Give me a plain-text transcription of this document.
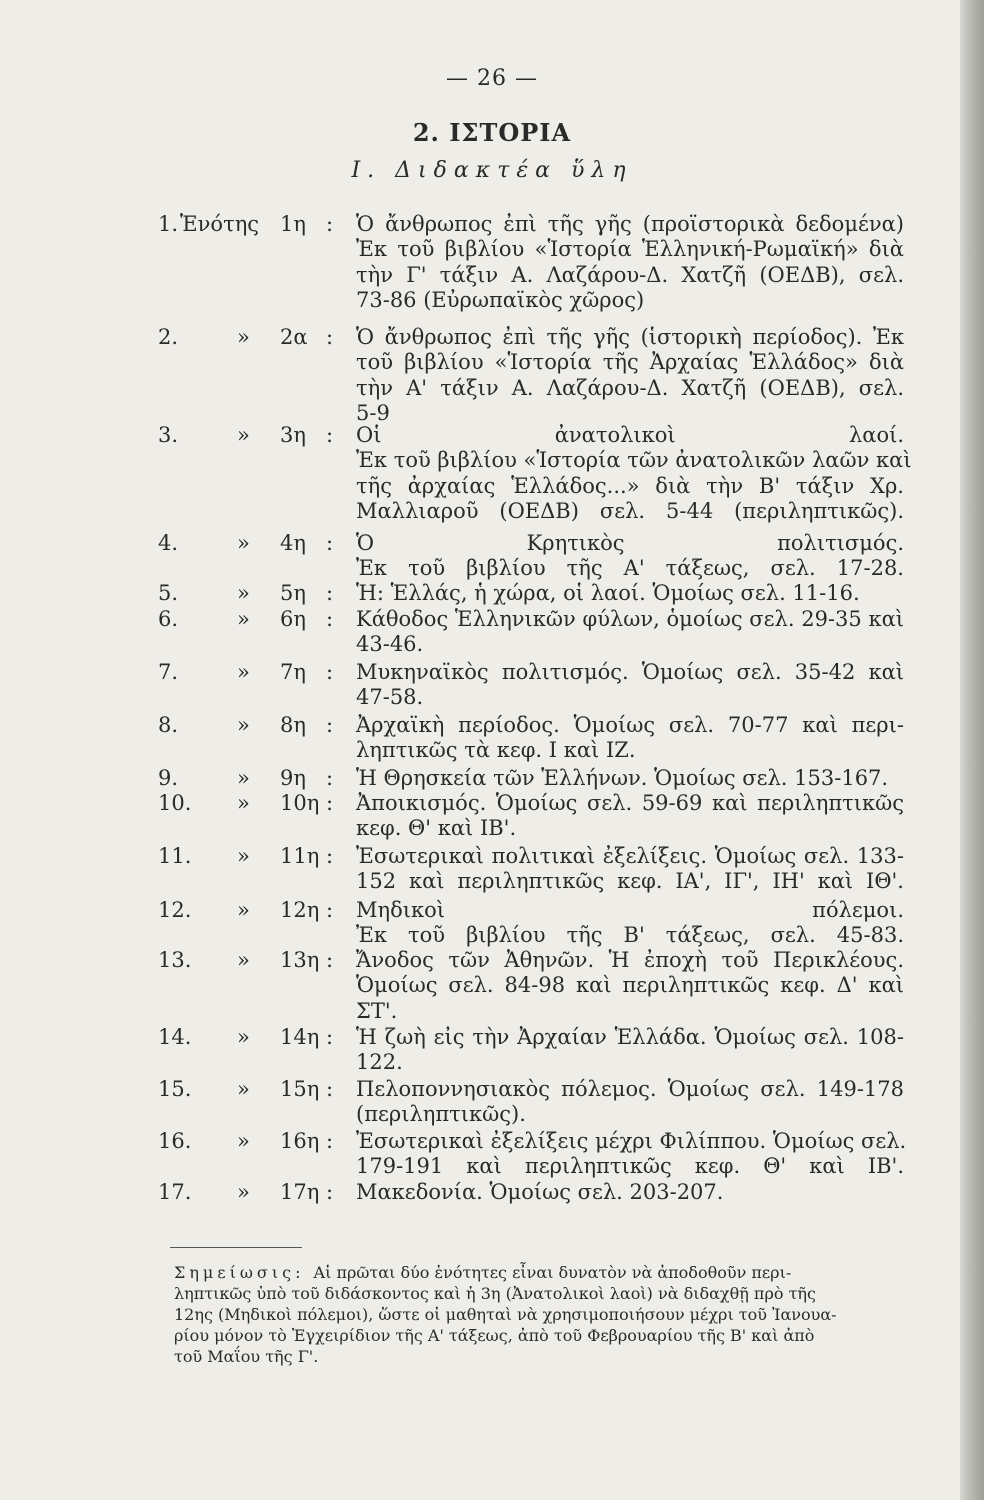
— 26 —
2. ΙΣΤΟΡΙΑ
Ι. Διδακτέα ὕλη
1. Ἑνότης 1η : Ὁ ἄνθρωπος ἐπὶ τῆς γῆς (προϊστορικὰ δεδομένα)
Ἐκ τοῦ βιβλίου «Ἱστορία Ἑλληνική-Ρωμαϊκή» διὰ
τὴν Γ' τάξιν Α. Λαζάρου-Δ. Χατζῆ (ΟΕΔΒ), σελ.
73-86 (Εὐρωπαϊκὸς χῶρος)
2.	» 2α : Ὁ ἄνθρωπος ἐπὶ τῆς γῆς (ἱστορικὴ περίοδος). Ἐκ
τοῦ βιβλίου «Ἱστορία τῆς Ἀρχαίας Ἑλλάδος» διὰ
τὴν Α' τάξιν Α. Λαζάρου-Δ. Χατζῆ (ΟΕΔΒ), σελ.
5-9
3.	» 3η : Οἱ ἀνατολικοὶ λαοί.
Ἐκ τοῦ βιβλίου «Ἱστορία τῶν ἀνατολικῶν λαῶν καὶ
τῆς ἀρχαίας Ἑλλάδος...» διὰ τὴν Β' τάξιν Χρ.
Μαλλιαροῦ (ΟΕΔΒ) σελ. 5-44 (περιληπτικῶς).
4.	» 4η : Ὁ Κρητικὸς πολιτισμός.
Ἐκ τοῦ βιβλίου τῆς Α' τάξεως, σελ. 17-28.
5.	» 5η : Ἡ: Ἑλλάς, ἡ χώρα, οἱ λαοί. Ὁμοίως σελ. 11-16.
6.	» 6η : Κάθοδος Ἑλληνικῶν φύλων, ὁμοίως σελ. 29-35 καὶ
43-46.
7.	» 7η : Μυκηναϊκὸς πολιτισμός. Ὁμοίως σελ. 35-42 καὶ
47-58.
8.	» 8η : Ἀρχαϊκὴ περίοδος. Ὁμοίως σελ. 70-77 καὶ περι-
ληπτικῶς τὰ κεφ. Ι καὶ ΙΖ.
9.	» 9η : Ἡ Θρησκεία τῶν Ἑλλήνων. Ὁμοίως σελ. 153-167.
10. » 10η : Ἀποικισμός. Ὁμοίως σελ. 59-69 καὶ περιληπτικῶς
κεφ. Θ' καὶ ΙΒ'.
11. » 11η : Ἐσωτερικαὶ πολιτικαὶ ἐξελίξεις. Ὁμοίως σελ. 133-
152 καὶ περιληπτικῶς κεφ. ΙΑ', ΙΓ', ΙΗ' καὶ ΙΘ'.
12. » 12η : Μηδικοὶ πόλεμοι.
Ἐκ τοῦ βιβλίου τῆς Β' τάξεως, σελ. 45-83.
13. » 13η : Ἄνοδος τῶν Ἀθηνῶν. Ἡ ἐποχὴ τοῦ Περικλέους.
Ὁμοίως σελ. 84-98 καὶ περιληπτικῶς κεφ. Δ' καὶ
ΣΤ'.
14. » 14η : Ἡ ζωὴ εἰς τὴν Ἀρχαίαν Ἑλλάδα. Ὁμοίως σελ. 108-
122.
15. » 15η : Πελοποννησιακὸς πόλεμος. Ὁμοίως σελ. 149-178
(περιληπτικῶς).
16. » 16η : Ἐσωτερικαὶ ἐξελίξεις μέχρι Φιλίππου. Ὁμοίως σελ.
179-191 καὶ περιληπτικῶς κεφ. Θ' καὶ ΙΒ'.
17. » 17η : Μακεδονία. Ὁμοίως σελ. 203-207.
Σημείωσις: Αἱ πρῶται δύο ἑνότητες εἶναι δυνατὸν νὰ ἀποδοθοῦν περι-
ληπτικῶς ὑπὸ τοῦ διδάσκοντος καὶ ἡ 3η (Ἀνατολικοὶ λαοὶ) νὰ διδαχθῇ πρὸ τῆς
12ης (Μηδικοὶ πόλεμοι), ὥστε οἱ μαθηταὶ νὰ χρησιμοποιήσουν μέχρι τοῦ Ἰανουα-
ρίου μόνον τὸ Ἐγχειρίδιον τῆς Α' τάξεως, ἀπὸ τοῦ Φεβρουαρίου τῆς Β' καὶ ἀπὸ
τοῦ Μαΐου τῆς Γ'.
